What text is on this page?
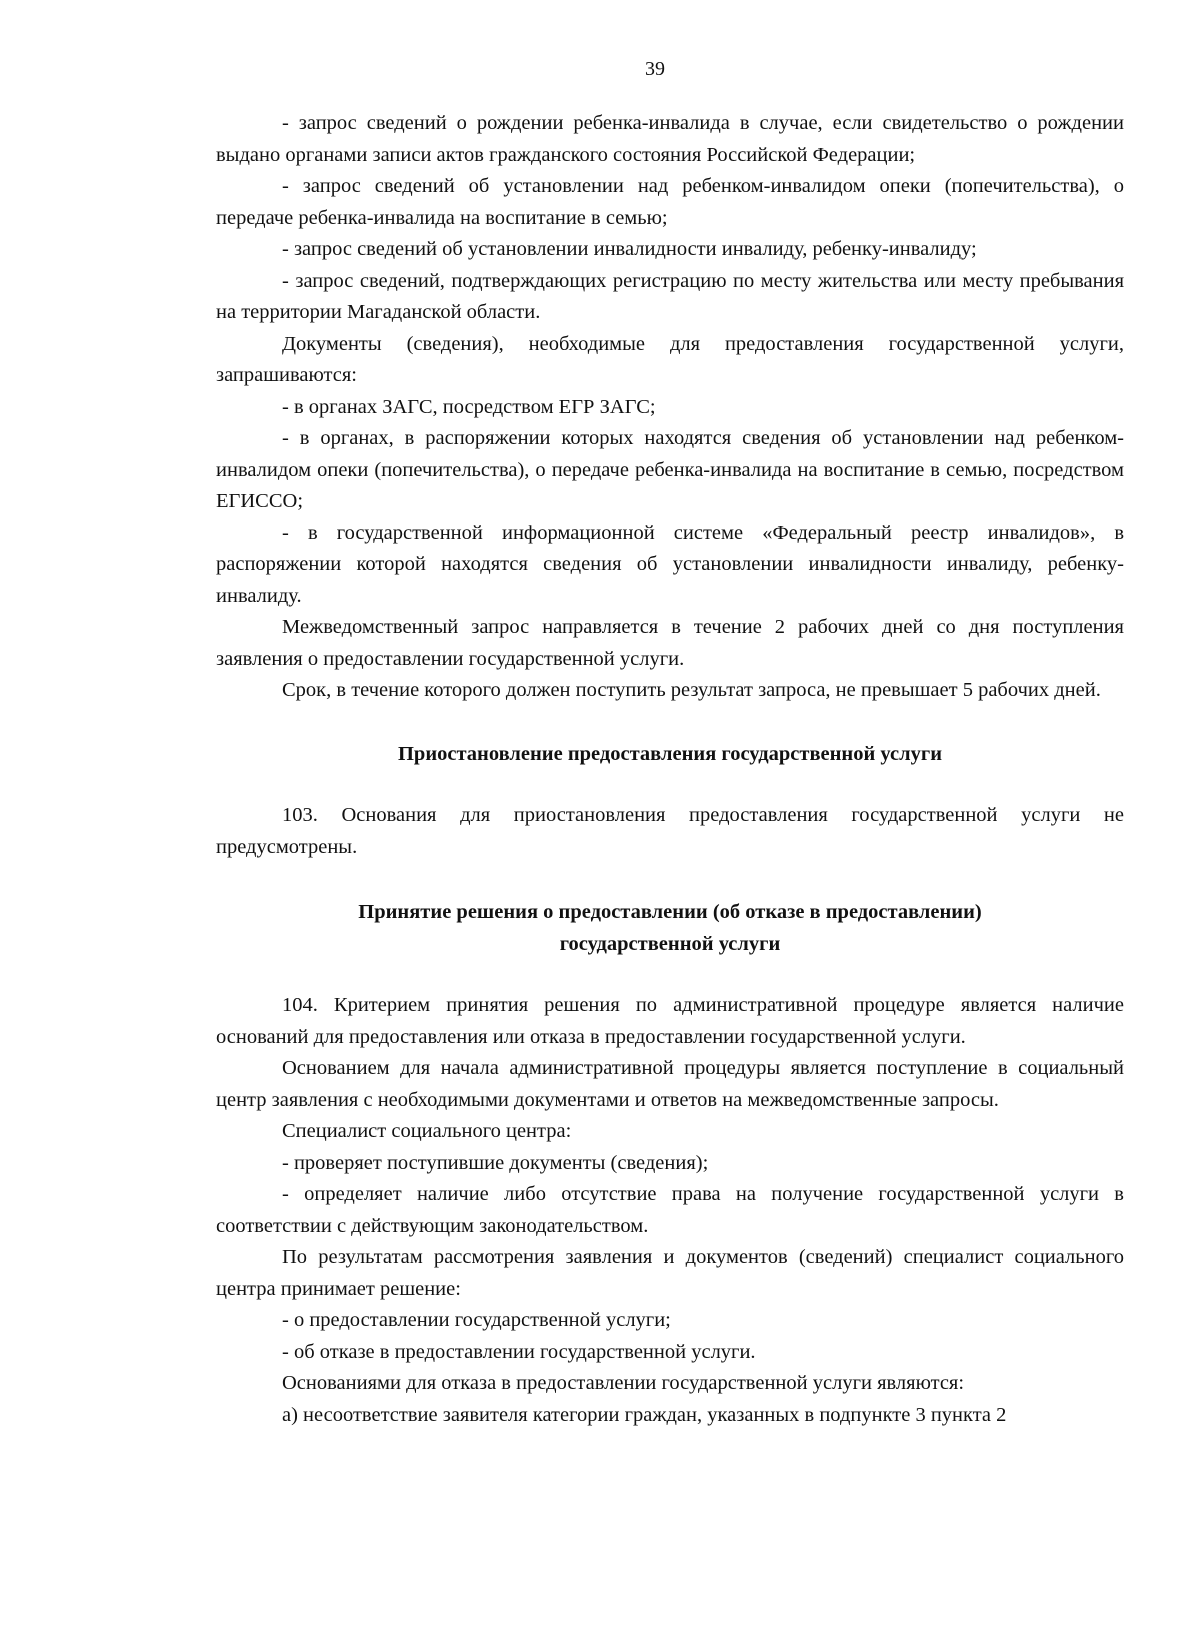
39

- запрос сведений о рождении ребенка-инвалида в случае, если свидетельство о рождении выдано органами записи актов гражданского состояния Российской Федерации;

- запрос сведений об установлении над ребенком-инвалидом опеки (попечительства), о передаче ребенка-инвалида на воспитание в семью;

- запрос сведений об установлении инвалидности инвалиду, ребенку-инвалиду;

- запрос сведений, подтверждающих регистрацию по месту жительства или месту пребывания на территории Магаданской области.

Документы (сведения), необходимые для предоставления государственной услуги, запрашиваются:

- в органах ЗАГС, посредством ЕГР ЗАГС;

- в органах, в распоряжении которых находятся сведения об установлении над ребенком-инвалидом опеки (попечительства), о передаче ребенка-инвалида на воспитание в семью, посредством ЕГИССО;

- в государственной информационной системе «Федеральный реестр инвалидов», в распоряжении которой находятся сведения об установлении инвалидности инвалиду, ребенку-инвалиду.

Межведомственный запрос направляется в течение 2 рабочих дней со дня поступления заявления о предоставлении государственной услуги.

Срок, в течение которого должен поступить результат запроса, не превышает 5 рабочих дней.

Приостановление предоставления государственной услуги

103. Основания для приостановления предоставления государственной услуги не предусмотрены.

Принятие решения о предоставлении (об отказе в предоставлении)

государственной услуги

104. Критерием принятия решения по административной процедуре является наличие оснований для предоставления или отказа в предоставлении государственной услуги.

Основанием для начала административной процедуры является поступление в социальный центр заявления с необходимыми документами и ответов на межведомственные запросы.

Специалист социального центра:

- проверяет поступившие документы (сведения);

- определяет наличие либо отсутствие права на получение государственной услуги в соответствии с действующим законодательством.

По результатам рассмотрения заявления и документов (сведений) специалист социального центра принимает решение:

- о предоставлении государственной услуги;

- об отказе в предоставлении государственной услуги.

Основаниями для отказа в предоставлении государственной услуги являются:

а) несоответствие заявителя категории граждан, указанных в подпункте 3 пункта 2
